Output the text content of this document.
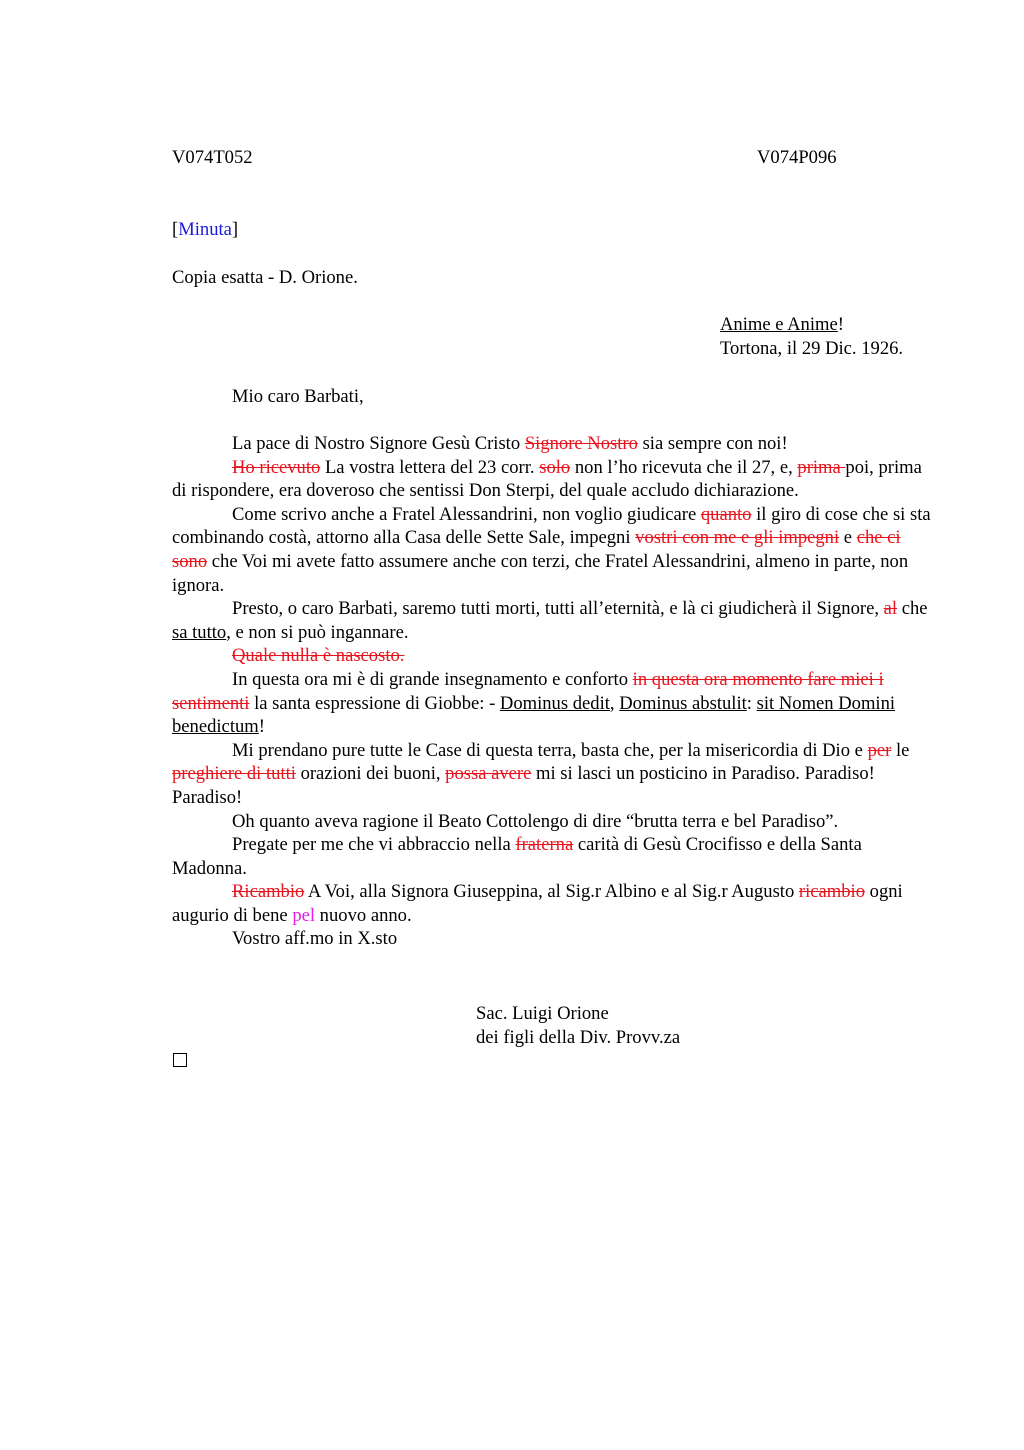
V074T052	V074P096
[Minuta]
Copia esatta - D. Orione.
Anime e Anime!
Tortona, il 29 Dic. 1926.
Mio caro Barbati,
La pace di Nostro Signore Gesù Cristo Signore Nostro sia sempre con noi!
Ho ricevuto La vostra lettera del 23 corr. solo non l’ho ricevuta che il 27, e, prima poi, prima di rispondere, era doveroso che sentissi Don Sterpi, del quale accludo dichiarazione.
Come scrivo anche a Fratel Alessandrini, non voglio giudicare quanto il giro di cose che si sta combinando costà, attorno alla Casa delle Sette Sale, impegni vostri con me e gli impegni e che ci sono che Voi mi avete fatto assumere anche con terzi, che Fratel Alessandrini, almeno in parte, non ignora.
Presto, o caro Barbati, saremo tutti morti, tutti all’eternità, e là ci giudicherà il Signore, al che sa tutto, e non si può ingannare.
Quale nulla è nascosto.
In questa ora mi è di grande insegnamento e conforto in questa ora momento fare miei i sentimenti la santa espressione di Giobbe: - Dominus dedit, Dominus abstulit: sit Nomen Domini benedictum!
Mi prendano pure tutte le Case di questa terra, basta che, per la misericordia di Dio e per le preghiere di tutti orazioni dei buoni, possa avere mi si lasci un posticino in Paradiso. Paradiso! Paradiso!
Oh quanto aveva ragione il Beato Cottolengo di dire “brutta terra e bel Paradiso”.
Pregate per me che vi abbraccio nella fraterna carità di Gesù Crocifisso e della Santa Madonna.
Ricambio A Voi, alla Signora Giuseppina, al Sig.r Albino e al Sig.r Augusto ricambio ogni augurio di bene pel nuovo anno.
Vostro aff.mo in X.sto
Sac. Luigi Orione
dei figli della Div. Provv.za
